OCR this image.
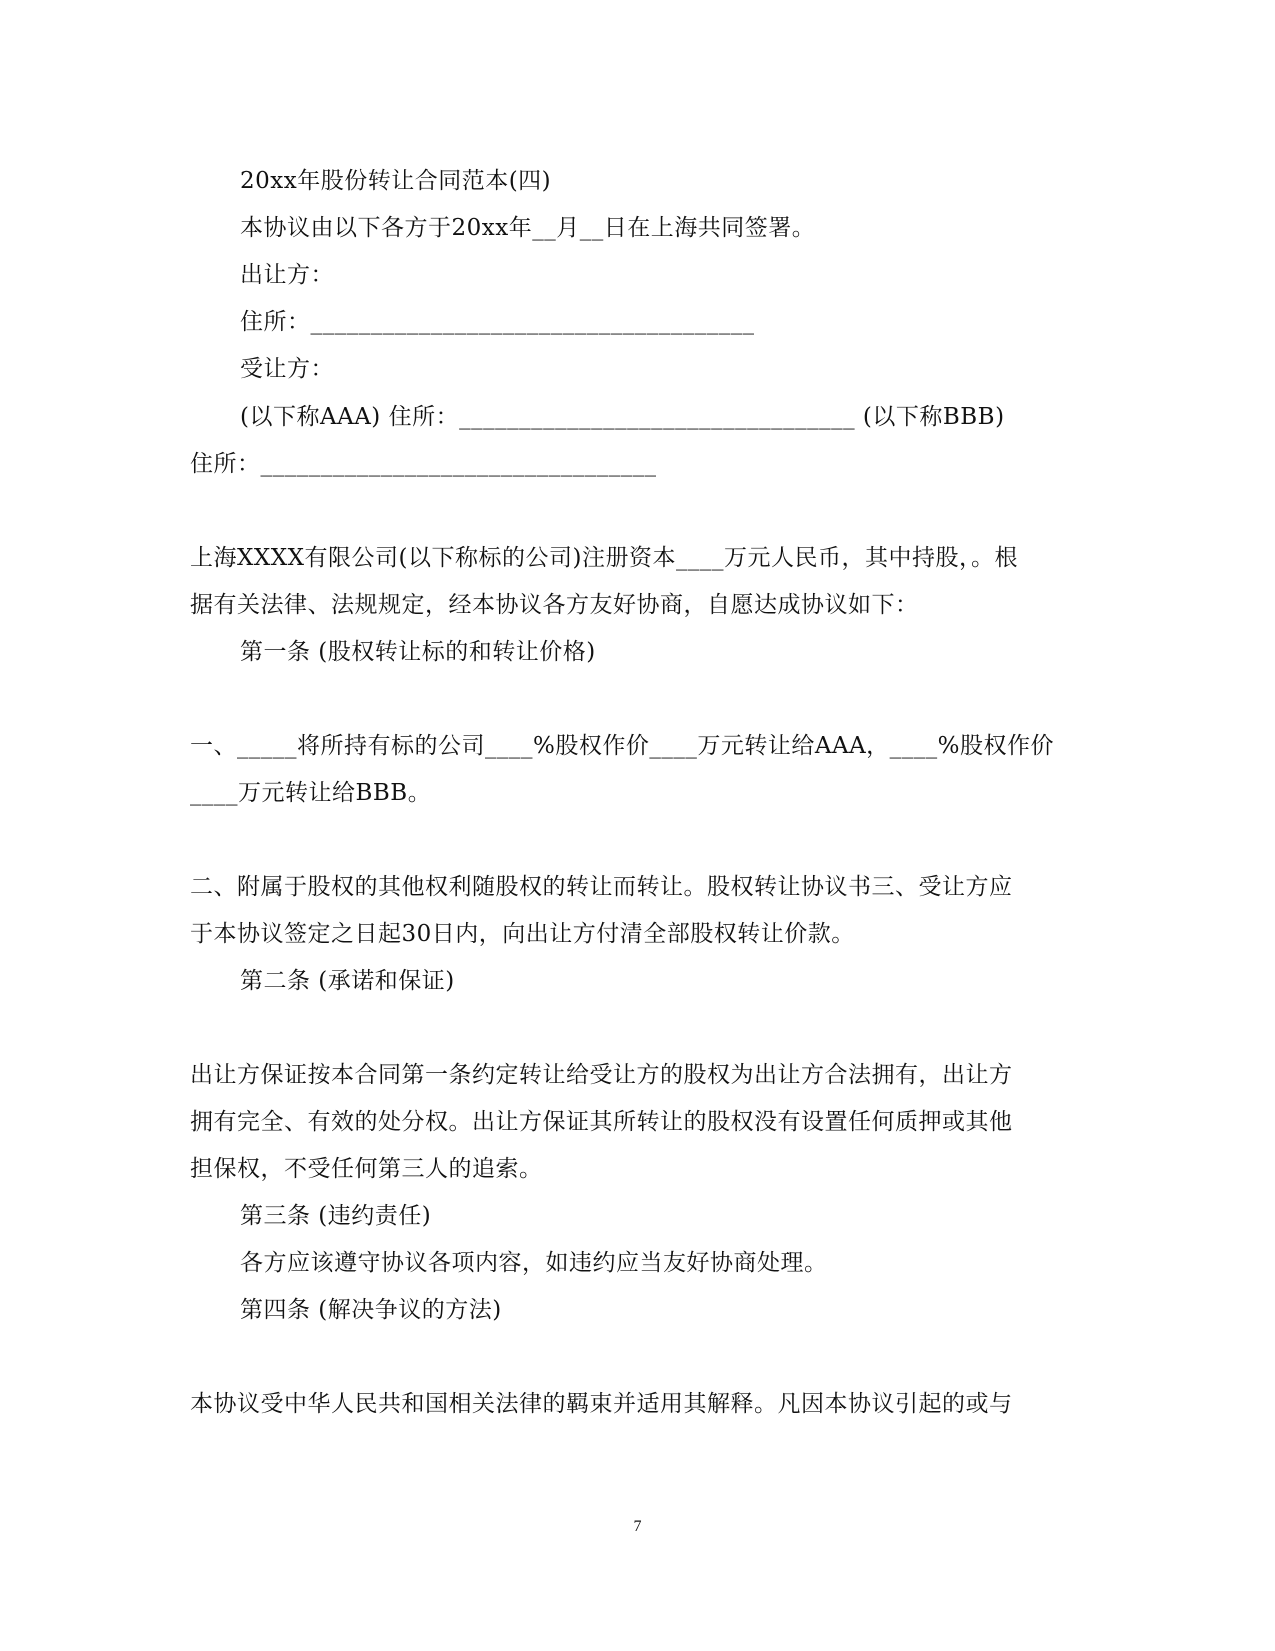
20xx年股份转让合同范本(四)
本协议由以下各方于20xx年__月__日在上海共同签署。
出让方：
住所：_____________________________________
受让方：
(以下称AAA) 住所：_________________________________ (以下称BBB)
住所：_________________________________
上海XXXX有限公司(以下称标的公司)注册资本____万元人民币，其中持股，。根
据有关法律、法规规定，经本协议各方友好协商，自愿达成协议如下：
第一条 (股权转让标的和转让价格)
一、_____将所持有标的公司____%股权作价____万元转让给AAA，____%股权作价
____万元转让给BBB。
二、附属于股权的其他权利随股权的转让而转让。股权转让协议书三、受让方应
于本协议签定之日起30日内，向出让方付清全部股权转让价款。
第二条 (承诺和保证)
出让方保证按本合同第一条约定转让给受让方的股权为出让方合法拥有，出让方
拥有完全、有效的处分权。出让方保证其所转让的股权没有设置任何质押或其他
担保权，不受任何第三人的追索。
第三条 (违约责任)
各方应该遵守协议各项内容，如违约应当友好协商处理。
第四条 (解决争议的方法)
本协议受中华人民共和国相关法律的羁束并适用其解释。凡因本协议引起的或与
7
